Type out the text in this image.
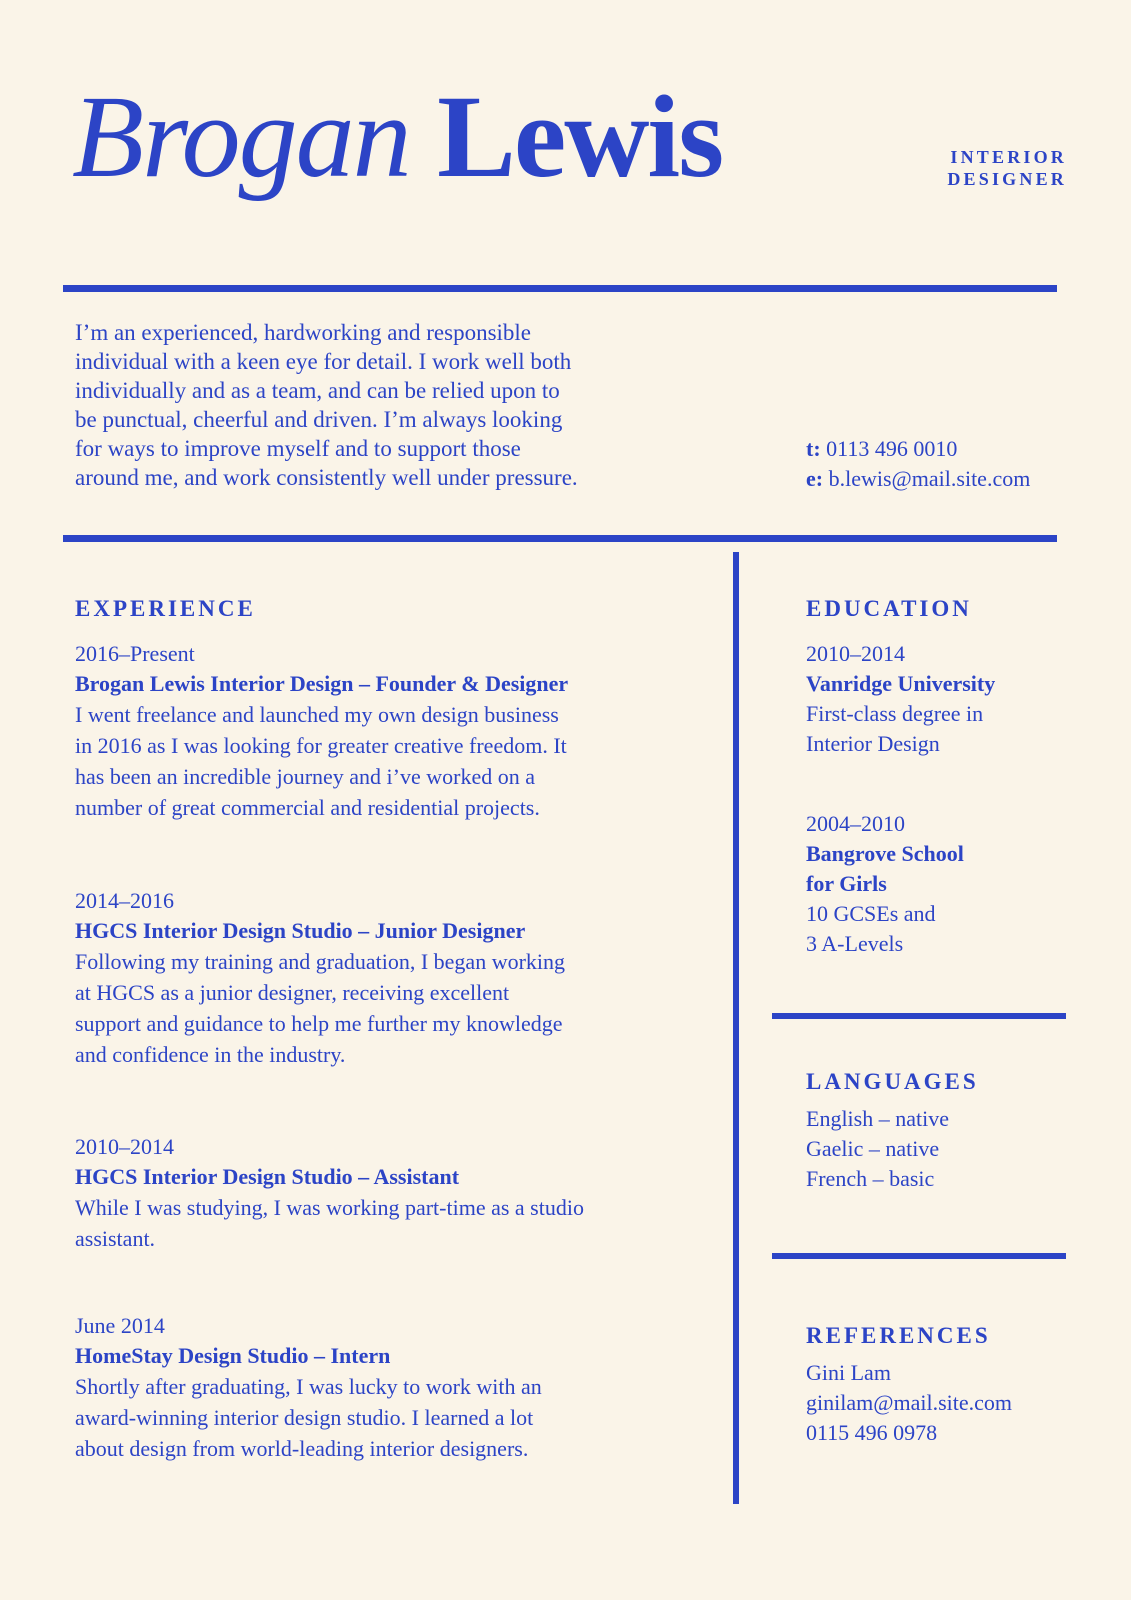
Brogan Lewis	INTERIOR
DESIGNER
I’m an experienced, hardworking and responsible
individual with a keen eye for detail. I work well both
individually and as a team, and can be relied upon to
be punctual, cheerful and driven. I’m always looking
for ways to improve myself and to support those
around me, and work consistently well under pressure.
t: 0113 496 0010
e: b.lewis@mail.site.com
EXPERIENCE
2016–Present
Brogan Lewis Interior Design – Founder & Designer
I went freelance and launched my own design business
in 2016 as I was looking for greater creative freedom. It
has been an incredible journey and i’ve worked on a
number of great commercial and residential projects.
2014–2016
HGCS Interior Design Studio – Junior Designer
Following my training and graduation, I began working
at HGCS as a junior designer, receiving excellent
support and guidance to help me further my knowledge
and confidence in the industry.
2010–2014
HGCS Interior Design Studio – Assistant
While I was studying, I was working part-time as a studio
assistant.
June 2014
HomeStay Design Studio – Intern
Shortly after graduating, I was lucky to work with an
award-winning interior design studio. I learned a lot
about design from world-leading interior designers.
EDUCATION
2010–2014
Vanridge University
First-class degree in
Interior Design
2004–2010
Bangrove School
for Girls
10 GCSEs and
3 A-Levels
LANGUAGES
English – native
Gaelic – native
French – basic
REFERENCES
Gini Lam
ginilam@mail.site.com
0115 496 0978
